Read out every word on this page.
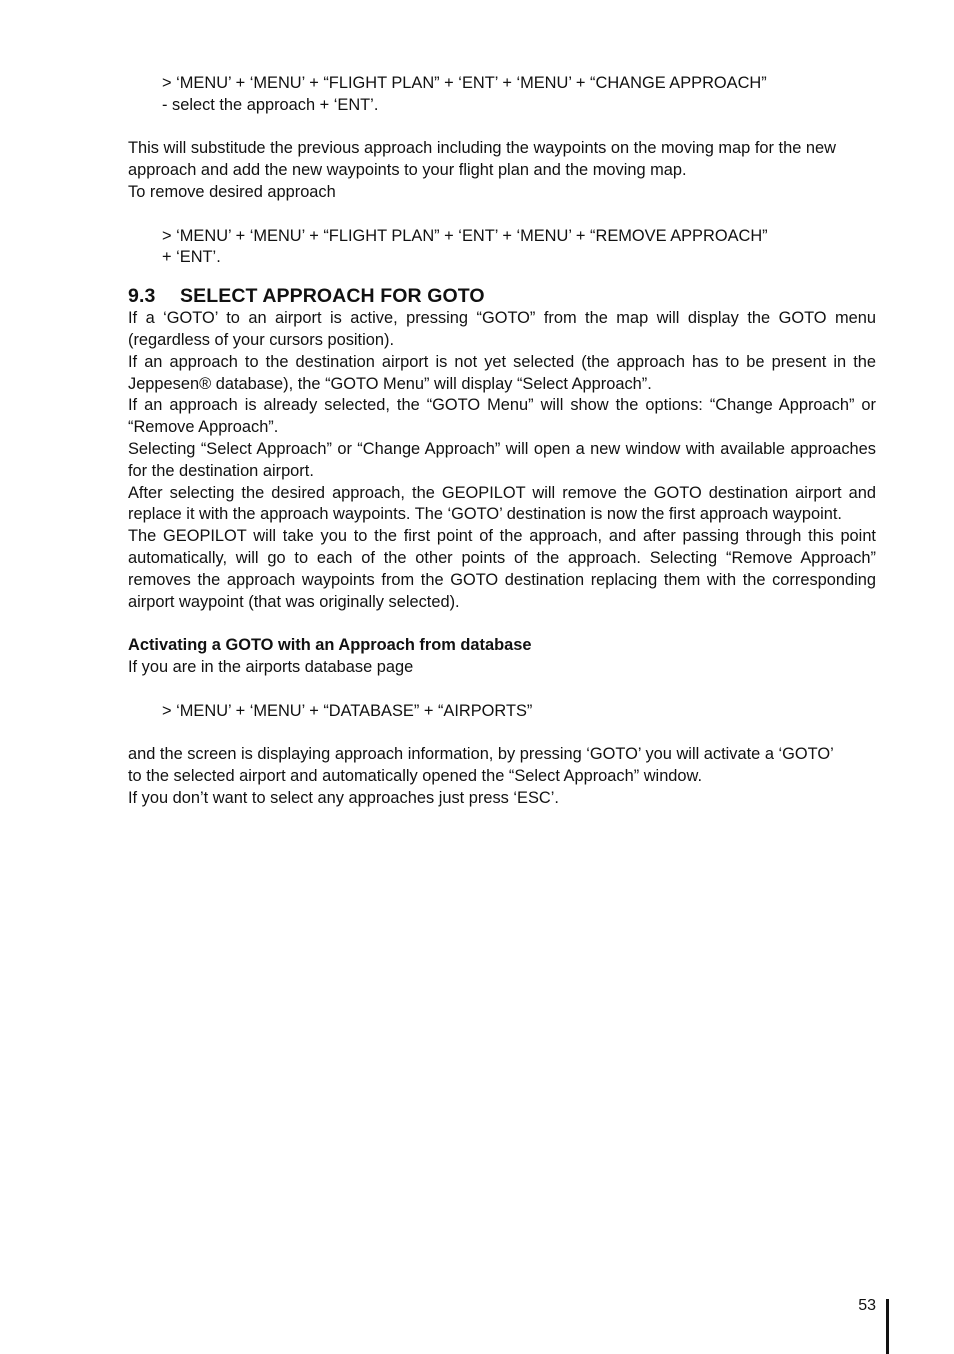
> ‘MENU’ + ‘MENU’ + “FLIGHT PLAN” + ‘ENT’ + ‘MENU’ + “CHANGE APPROACH”

- select the approach + ‘ENT’.

This will substitude the previous approach including the waypoints on the moving map for the new

approach and add the new waypoints to your flight plan and the moving map.

To remove desired approach

> ‘MENU’ + ‘MENU’ + “FLIGHT PLAN” + ‘ENT’ + ‘MENU’ + “REMOVE APPROACH”

+ ‘ENT’.

9.3 SELECT APPROACH FOR GOTO

If a ‘GOTO’ to an airport is active, pressing “GOTO” from the map will display the GOTO menu (regardless of your cursors position).

If an approach to the destination airport is not yet selected (the approach has to be present in the Jeppesen® database), the “GOTO Menu” will display “Select Approach”.

If an approach is already selected, the “GOTO Menu” will show the options: “Change Approach” or “Remove Approach”.

Selecting “Select Approach” or “Change Approach” will open a new window with available approaches for the destination airport.

After selecting the desired approach, the GEOPILOT will remove the GOTO destination airport and replace it with the approach waypoints. The ‘GOTO’ destination is now the first approach waypoint.

The GEOPILOT will take you to the first point of the approach, and after passing through this point automatically, will go to each of the other points of the approach. Selecting “Remove Approach” removes the approach waypoints from the GOTO destination replacing them with the corresponding airport waypoint (that was originally selected).

Activating a GOTO with an Approach from database

If you are in the airports database page

> ‘MENU’ + ‘MENU’ + “DATABASE” + “AIRPORTS”

and the screen is displaying approach information, by pressing ‘GOTO’ you will activate a ‘GOTO’

to the selected airport and automatically opened the “Select Approach” window.

If you don’t want to select any approaches just press ‘ESC’.

53
